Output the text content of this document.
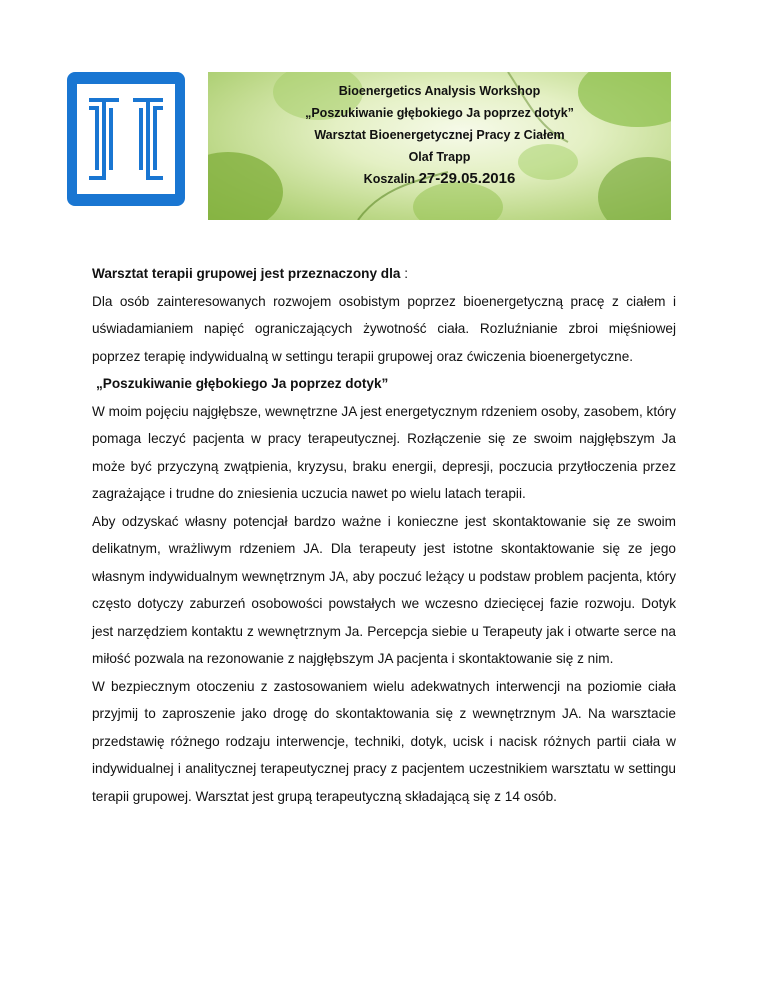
Bioenergetics Analysis Workshop
„Poszukiwanie głębokiego Ja poprzez dotyk”
Warsztat Bioenergetycznej Pracy z Ciałem
Olaf Trapp
Koszalin 27-29.05.2016

Warsztat terapii grupowej jest przeznaczony dla :

Dla osób zainteresowanych rozwojem osobistym poprzez bioenergetyczną pracę z ciałem i uświadamianiem napięć ograniczających żywotność ciała. Rozluźnianie zbroi mięśniowej poprzez terapię indywidualną w settingu terapii grupowej oraz ćwiczenia bioenergetyczne.

„Poszukiwanie głębokiego Ja poprzez dotyk”

W moim pojęciu najgłębsze, wewnętrzne JA jest energetycznym rdzeniem osoby, zasobem, który pomaga leczyć pacjenta w pracy terapeutycznej. Rozłączenie się ze swoim najgłębszym Ja może być przyczyną zwątpienia, kryzysu, braku energii, depresji, poczucia przytłoczenia przez zagrażające i trudne do zniesienia uczucia nawet po wielu latach terapii.

Aby odzyskać własny potencjał bardzo ważne i konieczne jest skontaktowanie się ze swoim delikatnym, wrażliwym rdzeniem JA. Dla terapeuty jest istotne skontaktowanie się ze jego własnym indywidualnym wewnętrznym JA, aby poczuć leżący u podstaw problem pacjenta, który często dotyczy zaburzeń osobowości powstałych we wczesno dziecięcej fazie rozwoju. Dotyk jest narzędziem kontaktu z wewnętrznym Ja. Percepcja siebie u Terapeuty jak i otwarte serce na miłość pozwala na rezonowanie z najgłębszym JA pacjenta i skontaktowanie się z nim.

W bezpiecznym otoczeniu z zastosowaniem wielu adekwatnych interwencji na poziomie ciała przyjmij to zaproszenie jako drogę do skontaktowania się z wewnętrznym JA. Na warsztacie przedstawię różnego rodzaju interwencje, techniki, dotyk, ucisk i nacisk różnych partii ciała w indywidualnej i analitycznej terapeutycznej pracy z pacjentem uczestnikiem warsztatu w settingu terapii grupowej. Warsztat jest grupą terapeutyczną składającą się z 14 osób.
